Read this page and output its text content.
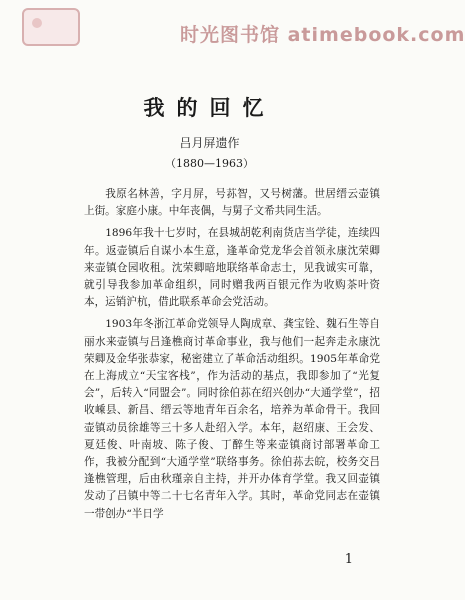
时光图书馆 atimebook.com
我的回忆

吕月屏遗作

（1880—1963）

我原名林善，字月屏，号荪智，又号树藩。世居缙云壶镇上街。家庭小康。中年丧偶，与舅子文希共同生活。

1896年我十七岁时，在县城胡乾利南货店当学徒，连续四年。返壶镇后自谋小本生意，逢革命党龙华会首领永康沈荣卿来壶镇仓园收租。沈荣卿暗地联络革命志士，见我诚实可靠，就引导我参加革命组织，同时赠我两百银元作为收购茶叶资本，运销沪杭，借此联系革命会党活动。

1903年冬浙江革命党领导人陶成章、龚宝铨、魏石生等自丽水来壶镇与吕逢樵商讨革命事业，我与他们一起奔走永康沈荣卿及金华张恭家，秘密建立了革命活动组织。1905年革命党在上海成立“天宝客栈”，作为活动的基点，我即参加了“光复会”，后转入“同盟会”。同时徐伯荪在绍兴创办“大通学堂”，招收嵊县、新昌、缙云等地青年百余名，培养为革命骨干。我回壶镇动员徐雄等三十多人赴绍入学。本年，赵绍康、王会发、夏廷俊、叶南坡、陈子俊、丁醉生等来壶镇商讨部署革命工作，我被分配到“大通学堂”联络事务。徐伯荪去皖，校务交吕逢樵管理，后由秋瑾亲自主持，并开办体育学堂。我又回壶镇发动了吕镇中等二十七名青年入学。其时，革命党同志在壶镇一带创办“半日学

1
